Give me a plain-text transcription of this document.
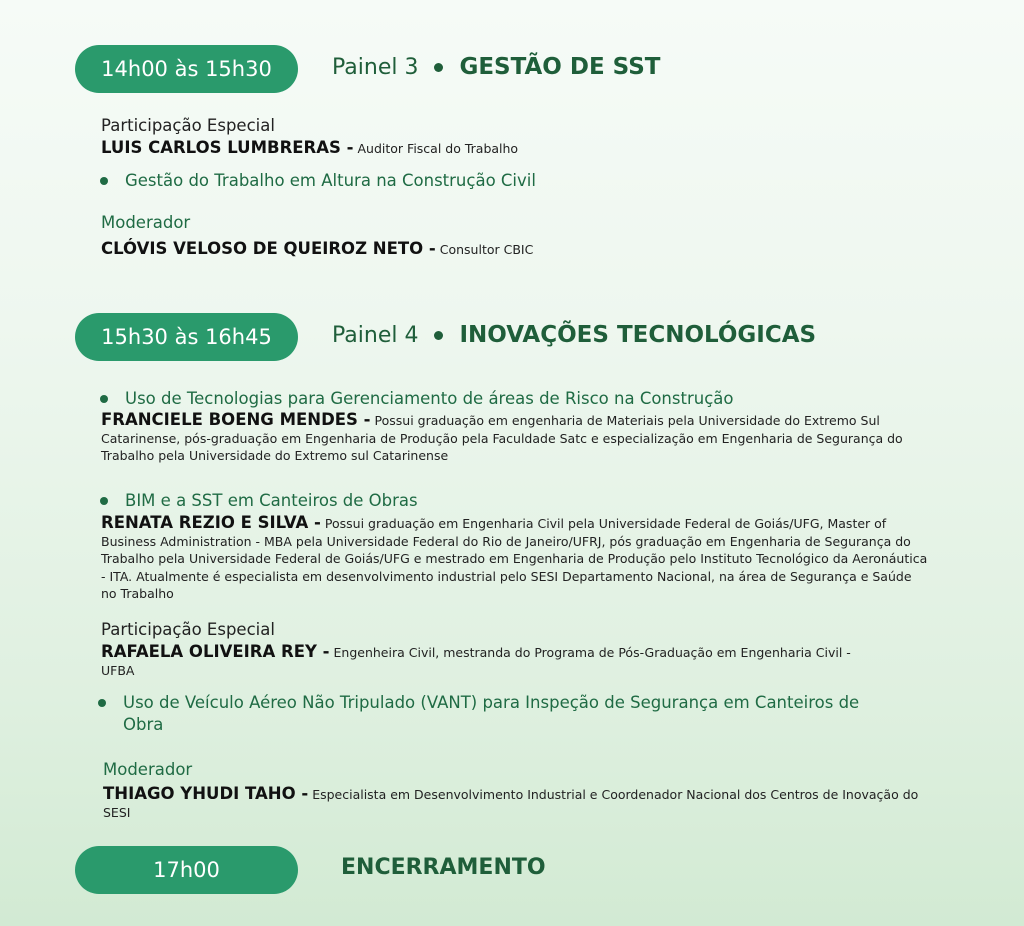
14h00 às 15h30	Painel 3 GESTÃO DE SST
Participação Especial
LUIS CARLOS LUMBRERAS - Auditor Fiscal do Trabalho
Gestão do Trabalho em Altura na Construção Civil
Moderador
CLÓVIS VELOSO DE QUEIROZ NETO - Consultor CBIC
15h30 às 16h45	Painel 4 INOVAÇÕES TECNOLÓGICAS
Uso de Tecnologias para Gerenciamento de áreas de Risco na Construção
FRANCIELE BOENG MENDES - Possui graduação em engenharia de Materiais pela Universidade do Extremo Sul Catarinense, pós-graduação em Engenharia de Produção pela Faculdade Satc e especialização em Engenharia de Segurança do Trabalho pela Universidade do Extremo sul Catarinense
BIM e a SST em Canteiros de Obras
RENATA REZIO E SILVA - Possui graduação em Engenharia Civil pela Universidade Federal de Goiás/UFG, Master of Business Administration - MBA pela Universidade Federal do Rio de Janeiro/UFRJ, pós graduação em Engenharia de Segurança do Trabalho pela Universidade Federal de Goiás/UFG e mestrado em Engenharia de Produção pelo Instituto Tecnológico da Aeronáutica - ITA. Atualmente é especialista em desenvolvimento industrial pelo SESI Departamento Nacional, na área de Segurança e Saúde no Trabalho
Participação Especial
RAFAELA OLIVEIRA REY - Engenheira Civil, mestranda do Programa de Pós-Graduação em Engenharia Civil - UFBA
Uso de Veículo Aéreo Não Tripulado (VANT) para Inspeção de Segurança em Canteiros de Obra
Moderador
THIAGO YHUDI TAHO - Especialista em Desenvolvimento Industrial e Coordenador Nacional dos Centros de Inovação do SESI
17h00	ENCERRAMENTO
